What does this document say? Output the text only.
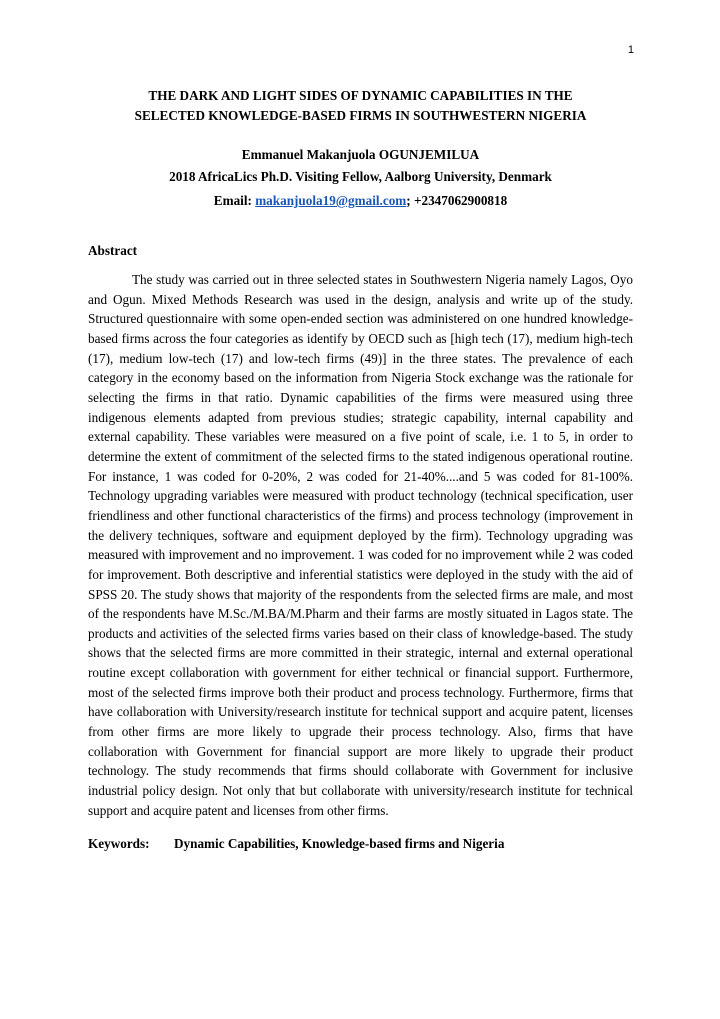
1
THE DARK AND LIGHT SIDES OF DYNAMIC CAPABILITIES IN THE
SELECTED KNOWLEDGE-BASED FIRMS IN SOUTHWESTERN NIGERIA
Emmanuel Makanjuola OGUNJEMILUA
2018 AfricaLics Ph.D. Visiting Fellow, Aalborg University, Denmark
Email: makanjuola19@gmail.com; +2347062900818
Abstract

The study was carried out in three selected states in Southwestern Nigeria namely Lagos, Oyo and Ogun. Mixed Methods Research was used in the design, analysis and write up of the study. Structured questionnaire with some open-ended section was administered on one hundred knowledge-based firms across the four categories as identify by OECD such as [high tech (17), medium high-tech (17), medium low-tech (17) and low-tech firms (49)] in the three states. The prevalence of each category in the economy based on the information from Nigeria Stock exchange was the rationale for selecting the firms in that ratio. Dynamic capabilities of the firms were measured using three indigenous elements adapted from previous studies; strategic capability, internal capability and external capability. These variables were measured on a five point of scale, i.e. 1 to 5, in order to determine the extent of commitment of the selected firms to the stated indigenous operational routine. For instance, 1 was coded for 0-20%, 2 was coded for 21-40%....and 5 was coded for 81-100%. Technology upgrading variables were measured with product technology (technical specification, user friendliness and other functional characteristics of the firms) and process technology (improvement in the delivery techniques, software and equipment deployed by the firm). Technology upgrading was measured with improvement and no improvement. 1 was coded for no improvement while 2 was coded for improvement. Both descriptive and inferential statistics were deployed in the study with the aid of SPSS 20. The study shows that majority of the respondents from the selected firms are male, and most of the respondents have M.Sc./M.BA/M.Pharm and their farms are mostly situated in Lagos state. The products and activities of the selected firms varies based on their class of knowledge-based. The study shows that the selected firms are more committed in their strategic, internal and external operational routine except collaboration with government for either technical or financial support. Furthermore, most of the selected firms improve both their product and process technology. Furthermore, firms that have collaboration with University/research institute for technical support and acquire patent, licenses from other firms are more likely to upgrade their process technology. Also, firms that have collaboration with Government for financial support are more likely to upgrade their product technology. The study recommends that firms should collaborate with Government for inclusive industrial policy design. Not only that but collaborate with university/research institute for technical support and acquire patent and licenses from other firms.

Keywords: Dynamic Capabilities, Knowledge-based firms and Nigeria
